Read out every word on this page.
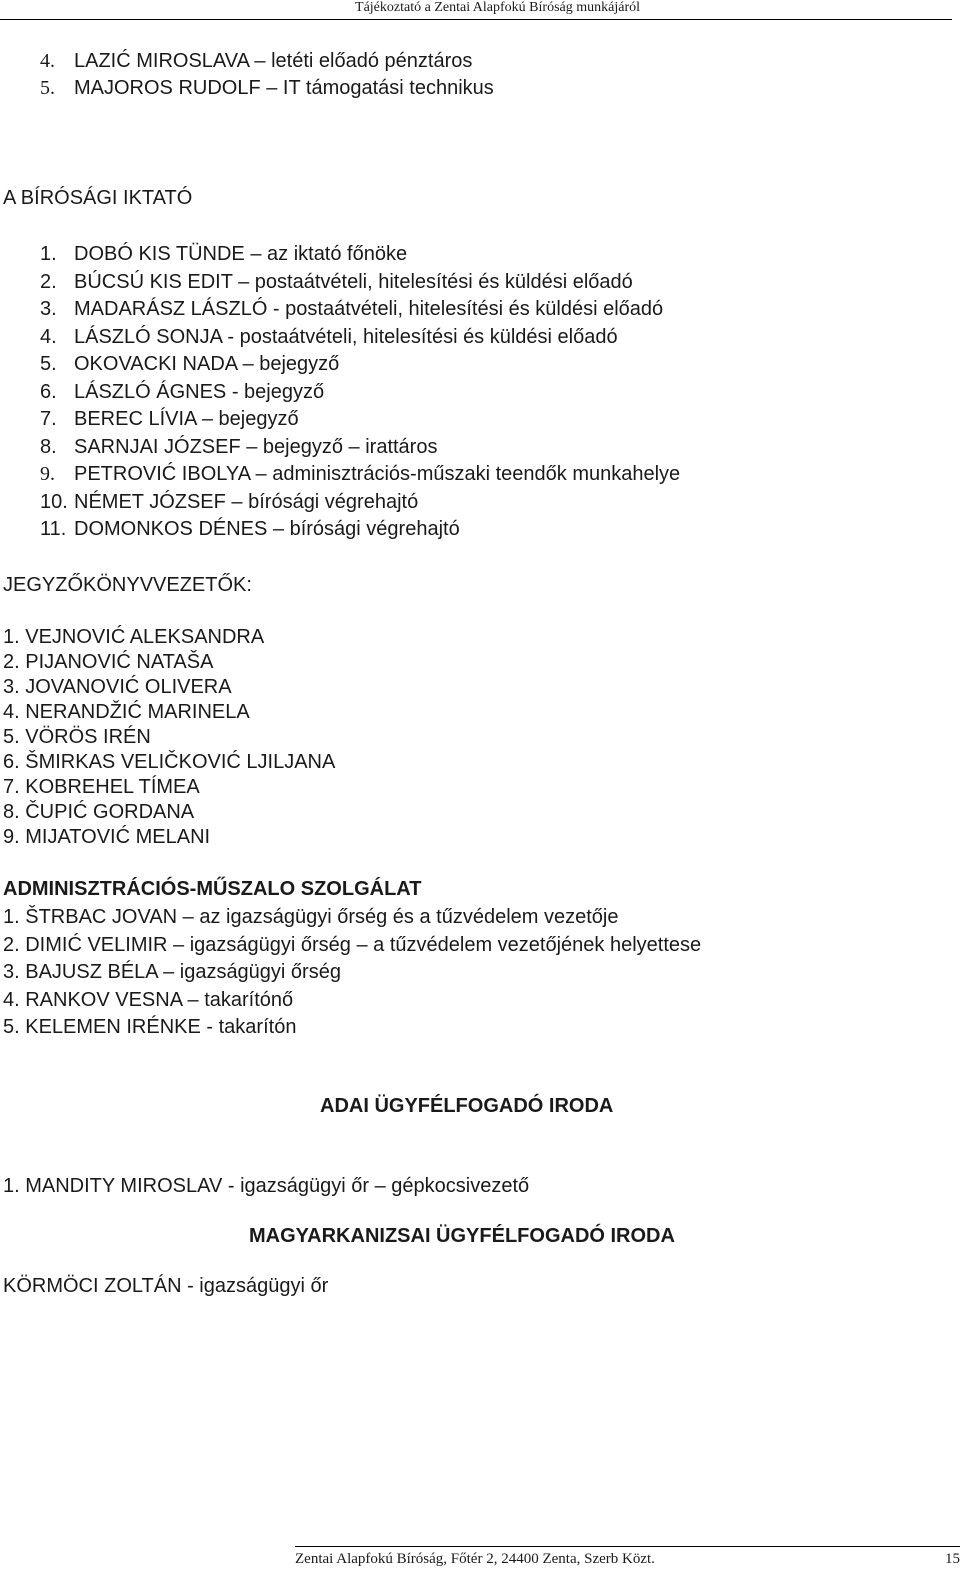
Tájékoztató a Zentai Alapfokú Bíróság munkájáról
4. LAZIĆ MIROSLAVA – letéti előadó pénztáros
5. MAJOROS RUDOLF – IT támogatási technikus
A BÍRÓSÁGI IKTATÓ
1. DOBÓ KIS TÜNDE – az iktató főnöke
2. BÚCSÚ KIS EDIT – postaátvételi, hitelesítési és küldési előadó
3. MADARÁSZ LÁSZLÓ - postaátvételi, hitelesítési és küldési előadó
4. LÁSZLÓ SONJA - postaátvételi, hitelesítési és küldési előadó
5. OKOVACKI NADA – bejegyző
6. LÁSZLÓ ÁGNES - bejegyző
7. BEREC LÍVIA – bejegyző
8. SARNJAI JÓZSEF – bejegyző – irattáros
9. PETROVIĆ IBOLYA – adminisztrációs-műszaki teendők munkahelye
10. NÉMET JÓZSEF – bírósági végrehajtó
11. DOMONKOS DÉNES – bírósági végrehajtó
JEGYZŐKÖNYVVEZETŐK:
1. VEJNOVIĆ ALEKSANDRA
2. PIJANOVIĆ NATAŠA
3. JOVANOVIĆ OLIVERA
4. NERANDŽIĆ MARINELA
5. VÖRÖS IRÉN
6. ŠMIRKAS VELIČKOVIĆ LJILJANA
7. KOBREHEL TÍMEA
8. ČUPIĆ GORDANA
9. MIJATOVIĆ MELANI
ADMINISZTRÁCIÓS-MŰSZALO SZOLGÁLAT
1. ŠTRBAC JOVAN – az igazságügyi őrség és a tűzvédelem vezetője
2. DIMIĆ VELIMIR – igazságügyi őrség – a tűzvédelem vezetőjének helyettese
3. BAJUSZ BÉLA – igazságügyi őrség
4. RANKOV VESNA – takarítónő
5. KELEMEN IRÉNKE - takarítón
ADAI ÜGYFÉLFOGADÓ IRODA
1. MANDITY MIROSLAV - igazságügyi őr – gépkocsivezető
MAGYARKANIZSAI ÜGYFÉLFOGADÓ IRODA
KÖRMÖCI ZOLTÁN - igazságügyi őr
Zentai Alapfokú Bíróság, Főtér 2, 24400 Zenta, Szerb Közt.	15
